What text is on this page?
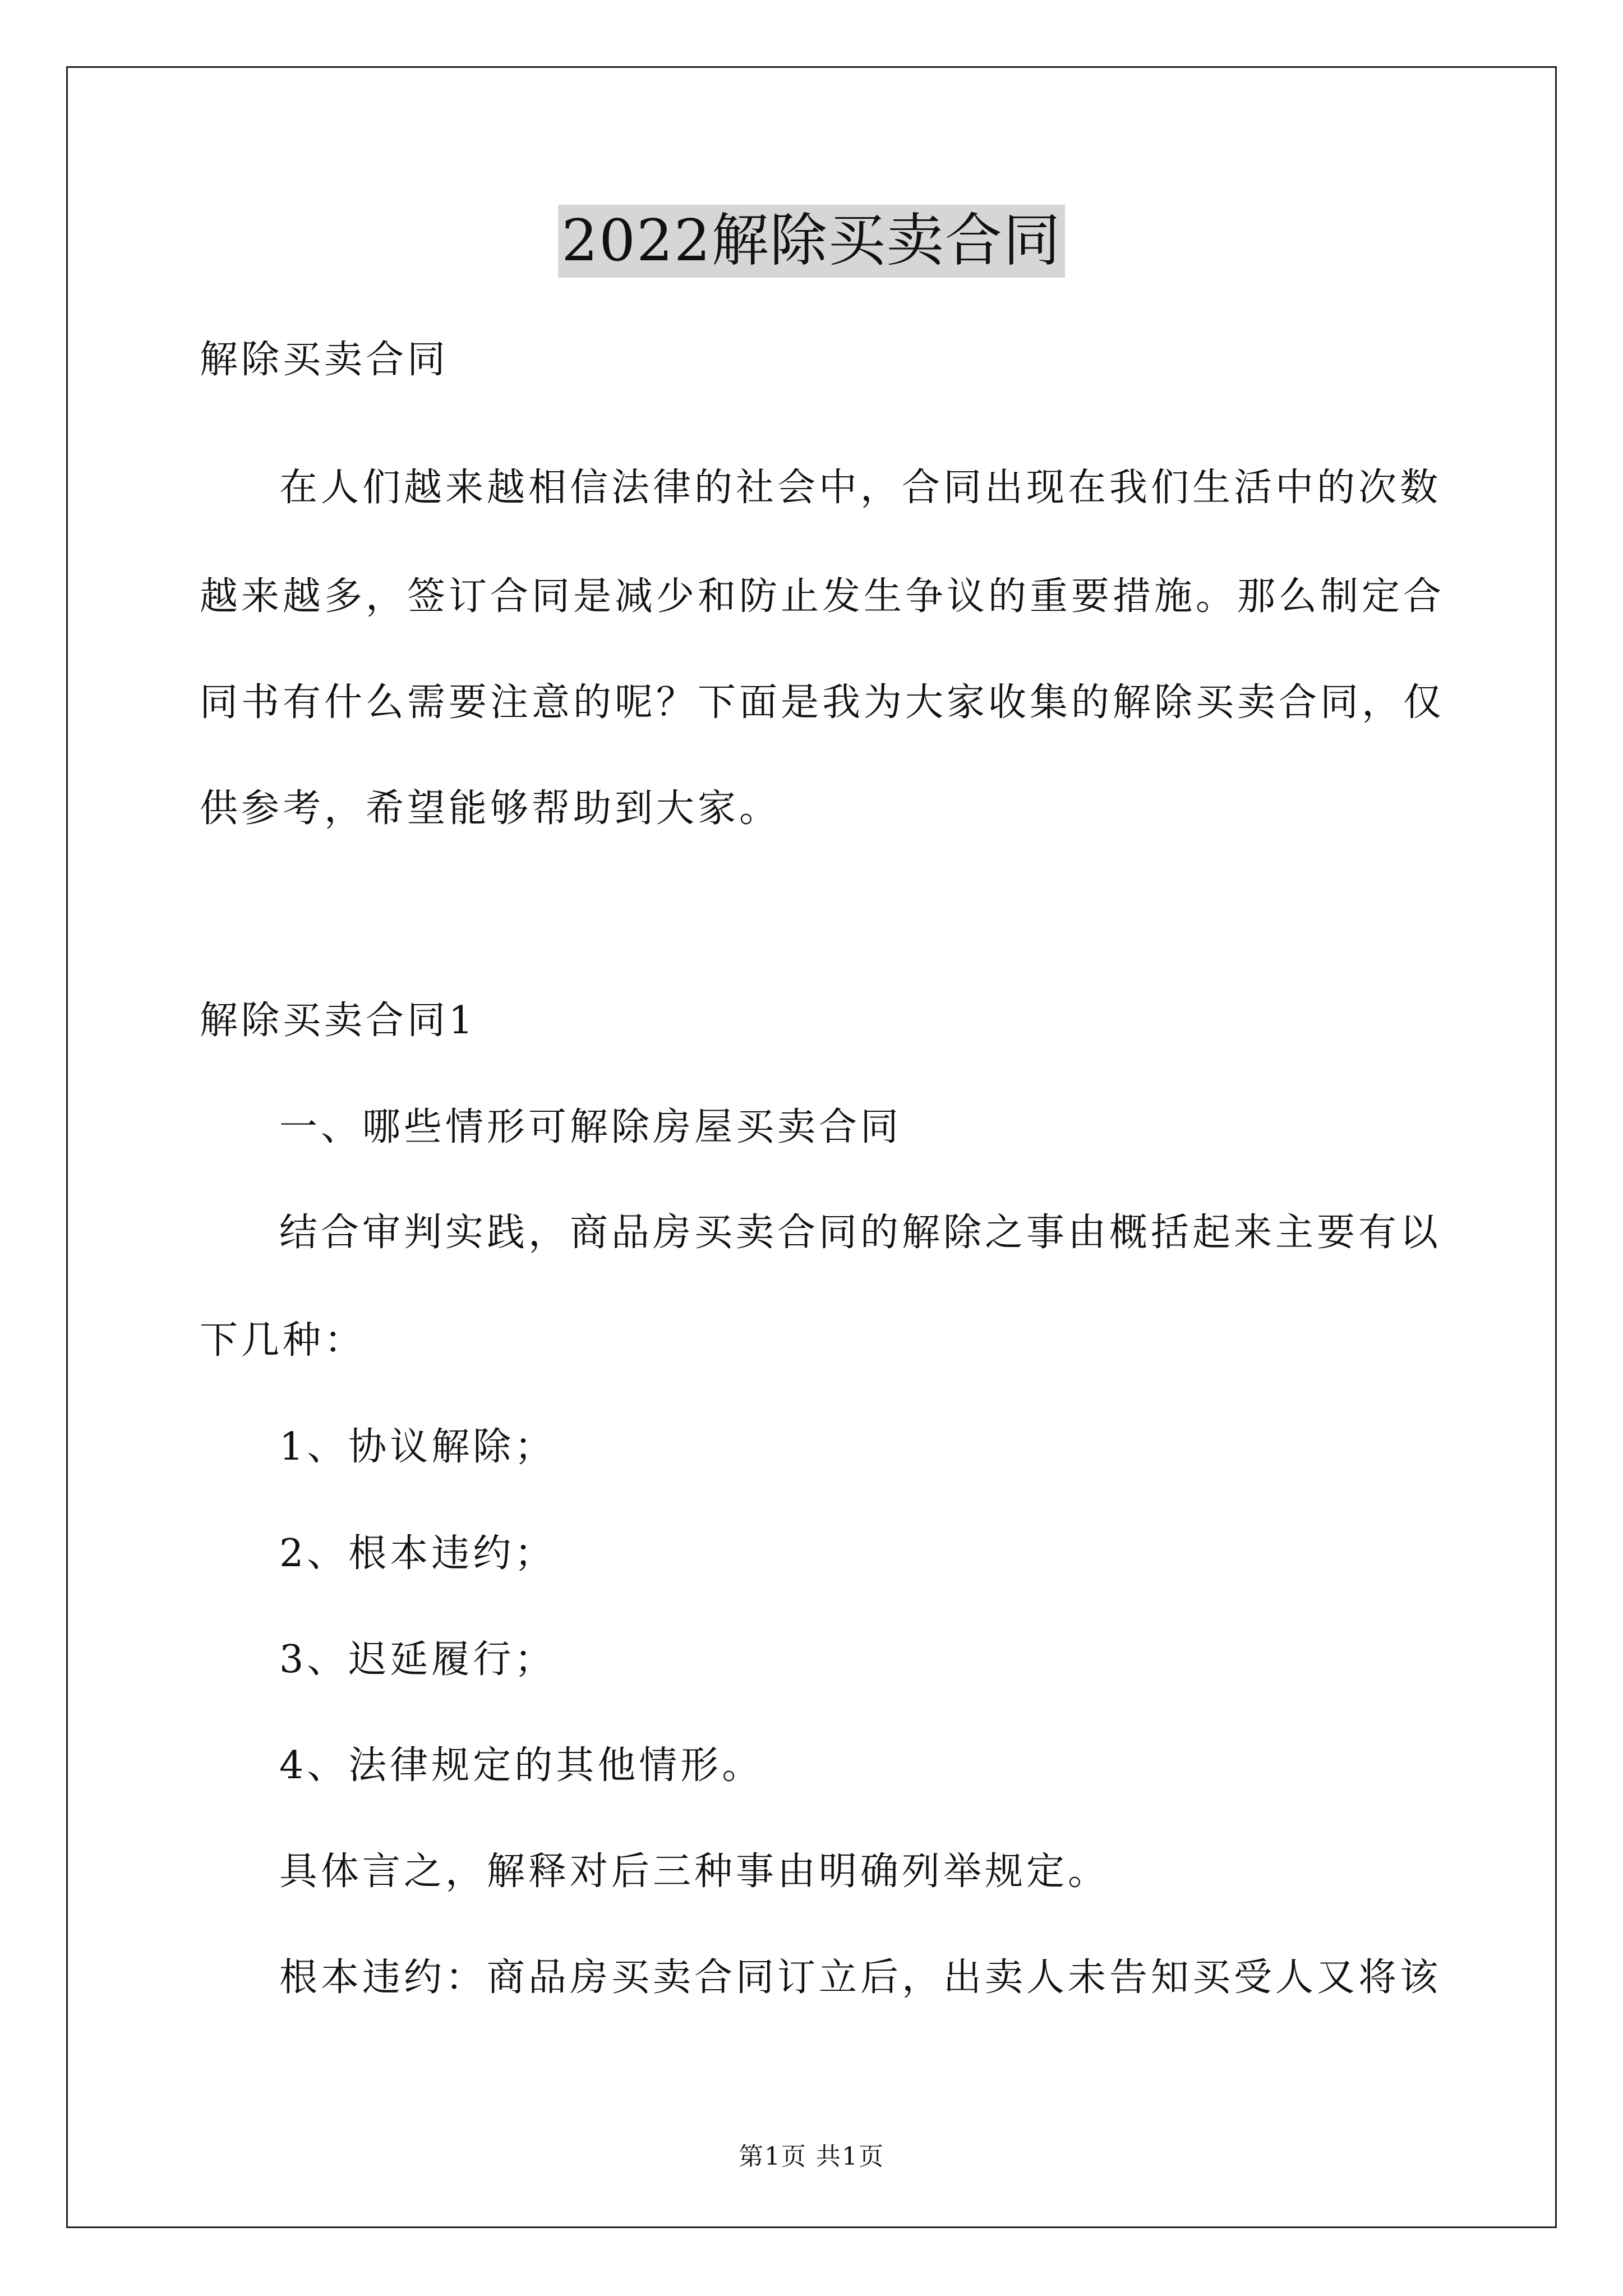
2022解除买卖合同

解除买卖合同

在人们越来越相信法律的社会中，合同出现在我们生活中的次数

越来越多，签订合同是减少和防止发生争议的重要措施。那么制定合

同书有什么需要注意的呢？下面是我为大家收集的解除买卖合同，仅

供参考，希望能够帮助到大家。

解除买卖合同1

一、哪些情形可解除房屋买卖合同

结合审判实践，商品房买卖合同的解除之事由概括起来主要有以

下几种：

1、协议解除；

2、根本违约；

3、迟延履行；

4、法律规定的其他情形。

具体言之，解释对后三种事由明确列举规定。

根本违约：商品房买卖合同订立后，出卖人未告知买受人又将该

第1页 共1页
